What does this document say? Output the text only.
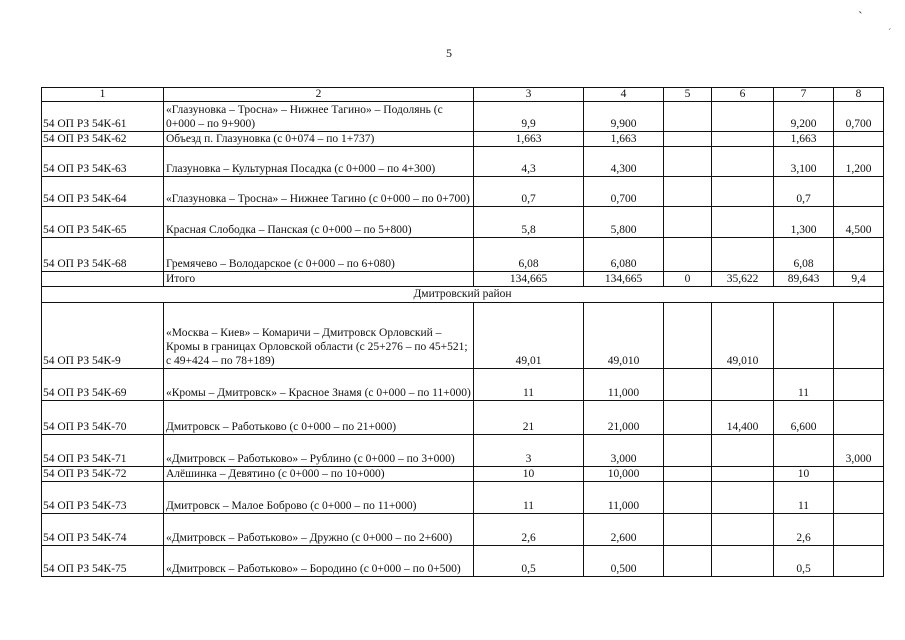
5
`
´
1	2	3	4	5	6	7	8
54 ОП РЗ 54К-61	«Глазуновка – Тросна» – Нижнее Тагино» – Подолянь (с 0+000 – по 9+900)	9,9	9,900			9,200	0,700
54 ОП РЗ 54К-62	Объезд п. Глазуновка (с 0+074 – по 1+737)	1,663	1,663			1,663	
54 ОП РЗ 54К-63	Глазуновка – Культурная Посадка (с 0+000 – по 4+300)	4,3	4,300			3,100	1,200
54 ОП РЗ 54К-64	«Глазуновка – Тросна» – Нижнее Тагино (с 0+000 – по 0+700)	0,7	0,700			0,7	
54 ОП РЗ 54К-65	Красная Слободка – Панская (с 0+000 – по 5+800)	5,8	5,800			1,300	4,500
54 ОП РЗ 54К-68	Гремячево – Володарское (с 0+000 – по 6+080)	6,08	6,080			6,08	
	Итого	134,665	134,665	0	35,622	89,643	9,4
Дмитровский район							
54 ОП РЗ 54К-9	«Москва – Киев» – Комаричи – Дмитровск Орловский – Кромы в границах Орловской области (с 25+276 – по 45+521; с 49+424 – по 78+189)	49,01	49,010		49,010		
54 ОП РЗ 54К-69	«Кромы – Дмитровск» – Красное Знамя (с 0+000 – по 11+000)	11	11,000			11	
54 ОП РЗ 54К-70	Дмитровск – Работьково (с 0+000 – по 21+000)	21	21,000		14,400	6,600	
54 ОП РЗ 54К-71	«Дмитровск – Работьково» – Рублино (с 0+000 – по 3+000)	3	3,000				3,000
54 ОП РЗ 54К-72	Алёшинка – Девятино (с 0+000 – по 10+000)	10	10,000			10	
54 ОП РЗ 54К-73	Дмитровск – Малое Боброво (с 0+000 – по 11+000)	11	11,000			11	
54 ОП РЗ 54К-74	«Дмитровск – Работьково» – Дружно (с 0+000 – по 2+600)	2,6	2,600			2,6	
54 ОП РЗ 54К-75	«Дмитровск – Работьково» – Бородино (с 0+000 – по 0+500)	0,5	0,500			0,5	
